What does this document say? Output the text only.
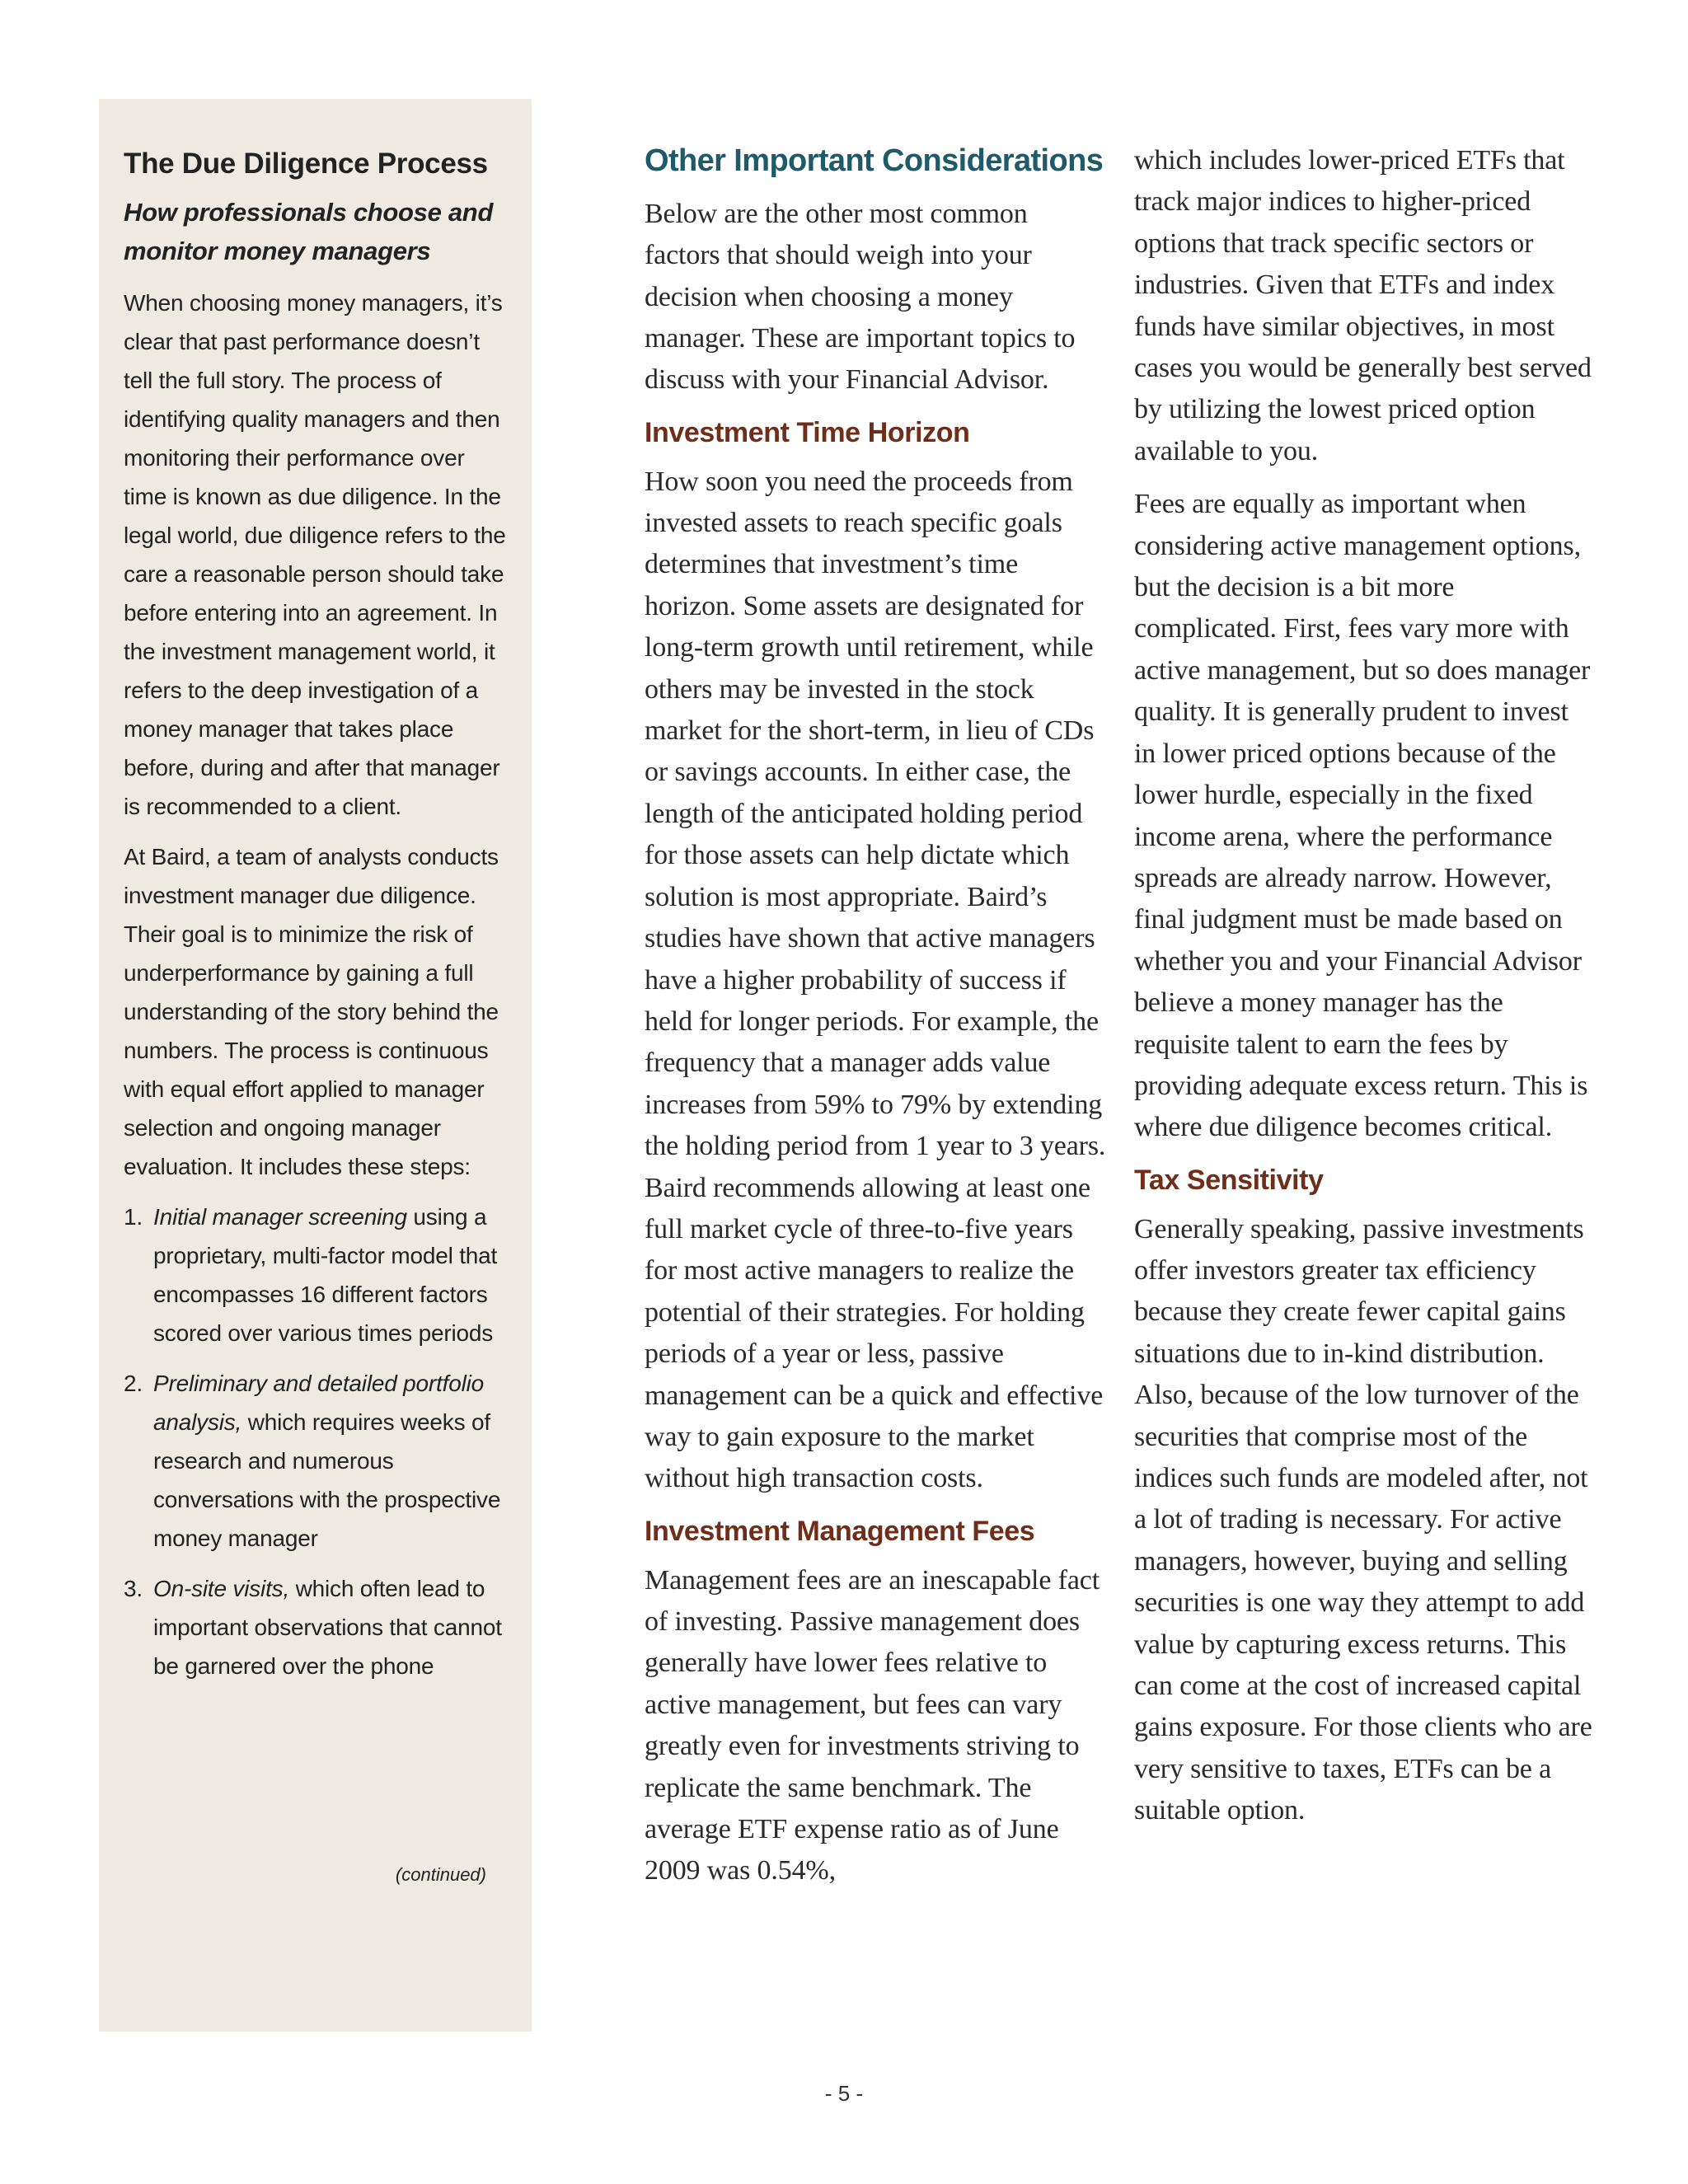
The Due Diligence Process

How professionals choose and monitor money managers

When choosing money managers, it’s clear that past performance doesn’t tell the full story. The process of identifying quality managers and then monitoring their performance over time is known as due diligence. In the legal world, due diligence refers to the care a reasonable person should take before entering into an agreement. In the investment management world, it refers to the deep investigation of a money manager that takes place before, during and after that manager is recommended to a client.

At Baird, a team of analysts conducts investment manager due diligence. Their goal is to minimize the risk of underperformance by gaining a full understanding of the story behind the numbers. The process is continuous with equal effort applied to manager selection and ongoing manager evaluation. It includes these steps:

1. Initial manager screening using a proprietary, multi-factor model that encompasses 16 different factors scored over various times periods
2. Preliminary and detailed portfolio analysis, which requires weeks of research and numerous conversations with the prospective money manager
3. On-site visits, which often lead to important observations that cannot be garnered over the phone
(continued)
Other Important Considerations

Below are the other most common factors that should weigh into your decision when choosing a money manager. These are important topics to discuss with your Financial Advisor.

Investment Time Horizon

How soon you need the proceeds from invested assets to reach specific goals determines that investment’s time horizon. Some assets are designated for long-term growth until retirement, while others may be invested in the stock market for the short-term, in lieu of CDs or savings accounts. In either case, the length of the anticipated holding period for those assets can help dictate which solution is most appropriate. Baird’s studies have shown that active managers have a higher probability of success if held for longer periods. For example, the frequency that a manager adds value increases from 59% to 79% by extending the holding period from 1 year to 3 years. Baird recommends allowing at least one full market cycle of three-to-five years for most active managers to realize the potential of their strategies. For holding periods of a year or less, passive management can be a quick and effective way to gain exposure to the market without high transaction costs.

Investment Management Fees

Management fees are an inescapable fact of investing. Passive management does generally have lower fees relative to active management, but fees can vary greatly even for investments striving to replicate the same benchmark. The average ETF expense ratio as of June 2009 was 0.54%,

which includes lower-priced ETFs that track major indices to higher-priced options that track specific sectors or industries. Given that ETFs and index funds have similar objectives, in most cases you would be generally best served by utilizing the lowest priced option available to you.

Fees are equally as important when considering active management options, but the decision is a bit more complicated. First, fees vary more with active management, but so does manager quality. It is generally prudent to invest in lower priced options because of the lower hurdle, especially in the fixed income arena, where the performance spreads are already narrow. However, final judgment must be made based on whether you and your Financial Advisor believe a money manager has the requisite talent to earn the fees by providing adequate excess return. This is where due diligence becomes critical.

Tax Sensitivity

Generally speaking, passive investments offer investors greater tax efficiency because they create fewer capital gains situations due to in-kind distribution. Also, because of the low turnover of the securities that comprise most of the indices such funds are modeled after, not a lot of trading is necessary. For active managers, however, buying and selling securities is one way they attempt to add value by capturing excess returns. This can come at the cost of increased capital gains exposure. For those clients who are very sensitive to taxes, ETFs can be a suitable option.

- 5 -
